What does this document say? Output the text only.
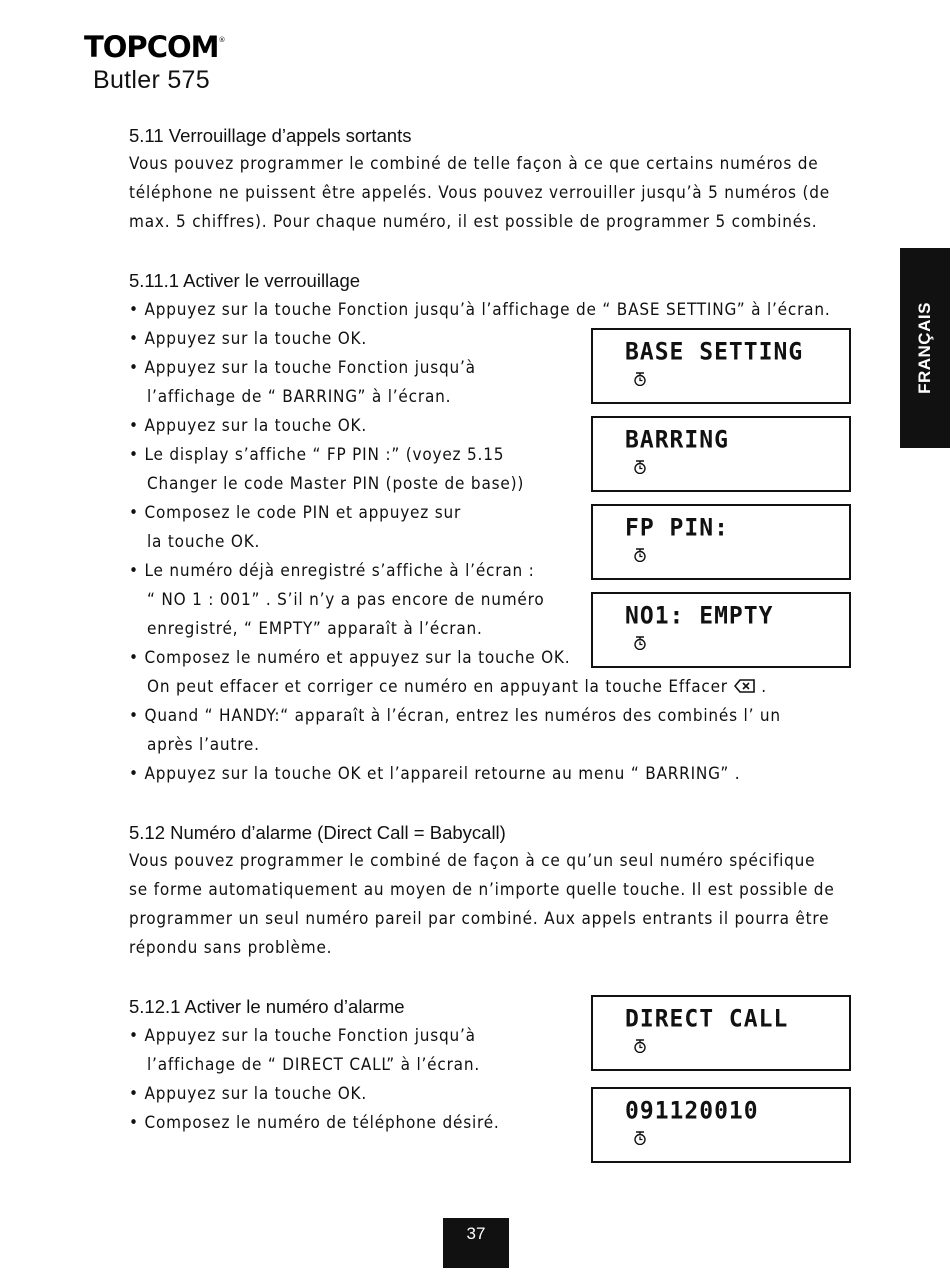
TOPCOM®
Butler 575
FRANÇAIS
5.11 Verrouillage d’appels sortants
Vous pouvez programmer le combiné de telle façon à ce que certains numéros de
téléphone ne puissent être appelés. Vous pouvez verrouiller jusqu’à 5 numéros (de
max. 5 chiffres). Pour chaque numéro, il est possible de programmer 5 combinés.
5.11.1 Activer le verrouillage
• Appuyez sur la touche Fonction jusqu’à l’affichage de “ BASE SETTING” à l’écran.
• Appuyez sur la touche OK.
• Appuyez sur la touche Fonction jusqu’à
l’affichage de “ BARRING” à l’écran.
• Appuyez sur la touche OK.
• Le display s’affiche “ FP PIN :” (voyez 5.15
Changer le code Master PIN (poste de base))
• Composez le code PIN et appuyez sur
la touche OK.
• Le numéro déjà enregistré s’affiche à l’écran :
“ NO 1 : 001” . S’il n’y a pas encore de numéro
enregistré, “ EMPTY” apparaît à l’écran.
• Composez le numéro et appuyez sur la touche OK.
On peut effacer et corriger ce numéro en appuyant la touche Effacer  .
• Quand “ HANDY:“ apparaît à l’écran, entrez les numéros des combinés l’ un
après l’autre.
• Appuyez sur la touche OK et l’appareil retourne au menu “ BARRING” .
5.12 Numéro d’alarme (Direct Call = Babycall)
Vous pouvez programmer le combiné de façon à ce qu’un seul numéro spécifique
se forme automatiquement au moyen de n’importe quelle touche. Il est possible de
programmer un seul numéro pareil par combiné. Aux appels entrants il pourra être
répondu sans problème.
5.12.1 Activer le numéro d’alarme
• Appuyez sur la touche Fonction jusqu’à
l’affichage de “ DIRECT CALL” à l’écran.
• Appuyez sur la touche OK.
• Composez le numéro de téléphone désiré.
BASE SETTING
BARRING
FP PIN:
NO1: EMPTY
DIRECT CALL
091120010
37
